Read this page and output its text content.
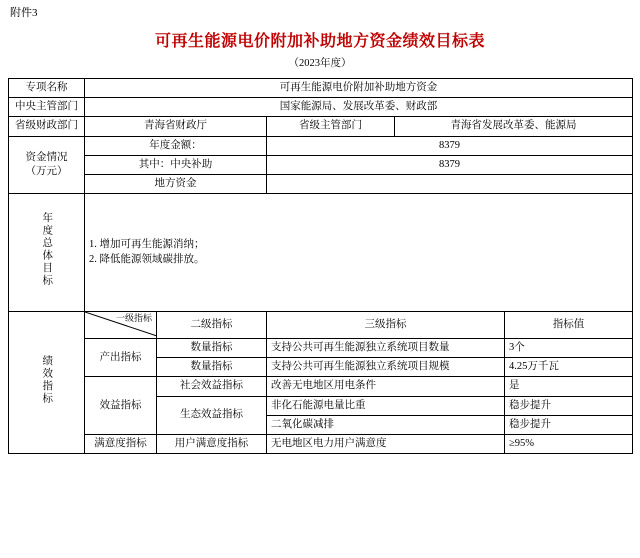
附件3
可再生能源电价附加补助地方资金绩效目标表
（2023年度）
专项名称	可再生能源电价附加补助地方资金				
中央主管部门	国家能源局、发展改革委、财政部				
省级财政部门	青海省财政厅		省级主管部门	青海省发展改革委、能源局	

资金情况
（万元）	年度金额：		8379		
	其中：中央补助		8379		
	地方资金				
年度总体目标	1. 增加可再生能源消纳；
2. 降低能源领域碳排放。				

绩效指标	一级指标	二级指标	三级指标		指标值
	产出指标	数量指标	支持公共可再生能源独立系统项目数量		3个
		数量指标	支持公共可再生能源独立系统项目规模		4.25万千瓦
	效益指标	社会效益指标	改善无电地区用电条件		是
		生态效益指标	非化石能源电量比重		稳步提升
			二氧化碳减排		稳步提升
	满意度指标	用户满意度指标	无电地区电力用户满意度		≥95%
